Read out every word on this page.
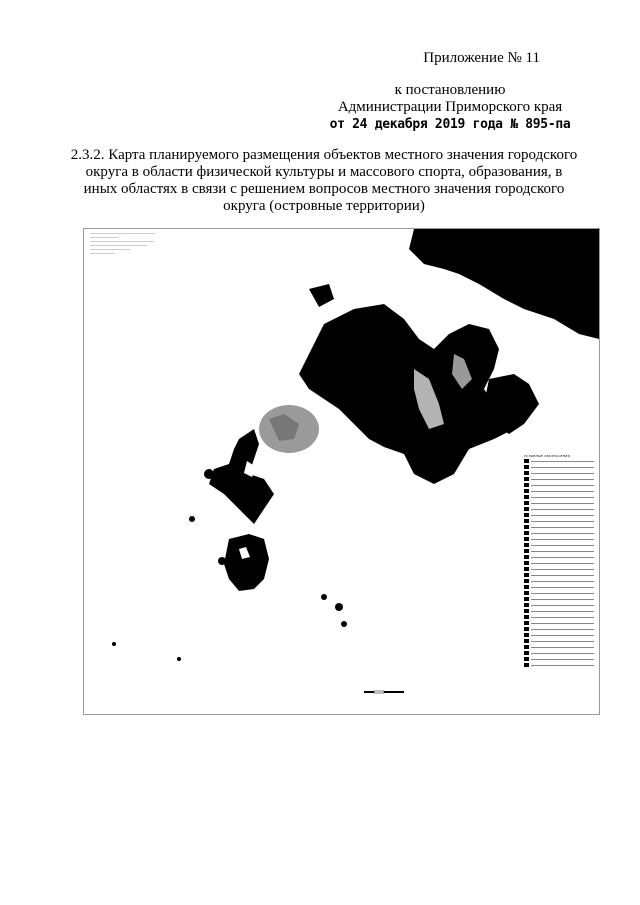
Приложение № 11
к постановлению
Администрации Приморского края
от 24 декабря 2019 года № 895-па
2.3.2. Карта планируемого размещения объектов местного значения городского округа в области физической культуры и массового спорта, образования, в иных областях в связи с решением вопросов местного значения городского округа (островные территории)
──────────────────────────────────────────
──────────────────
─────────────────────────────────────────
─────────────────────────────────────
──────────────────────────
────────────────
УСЛОВНЫЕ ОБОЗНАЧЕНИЯ
